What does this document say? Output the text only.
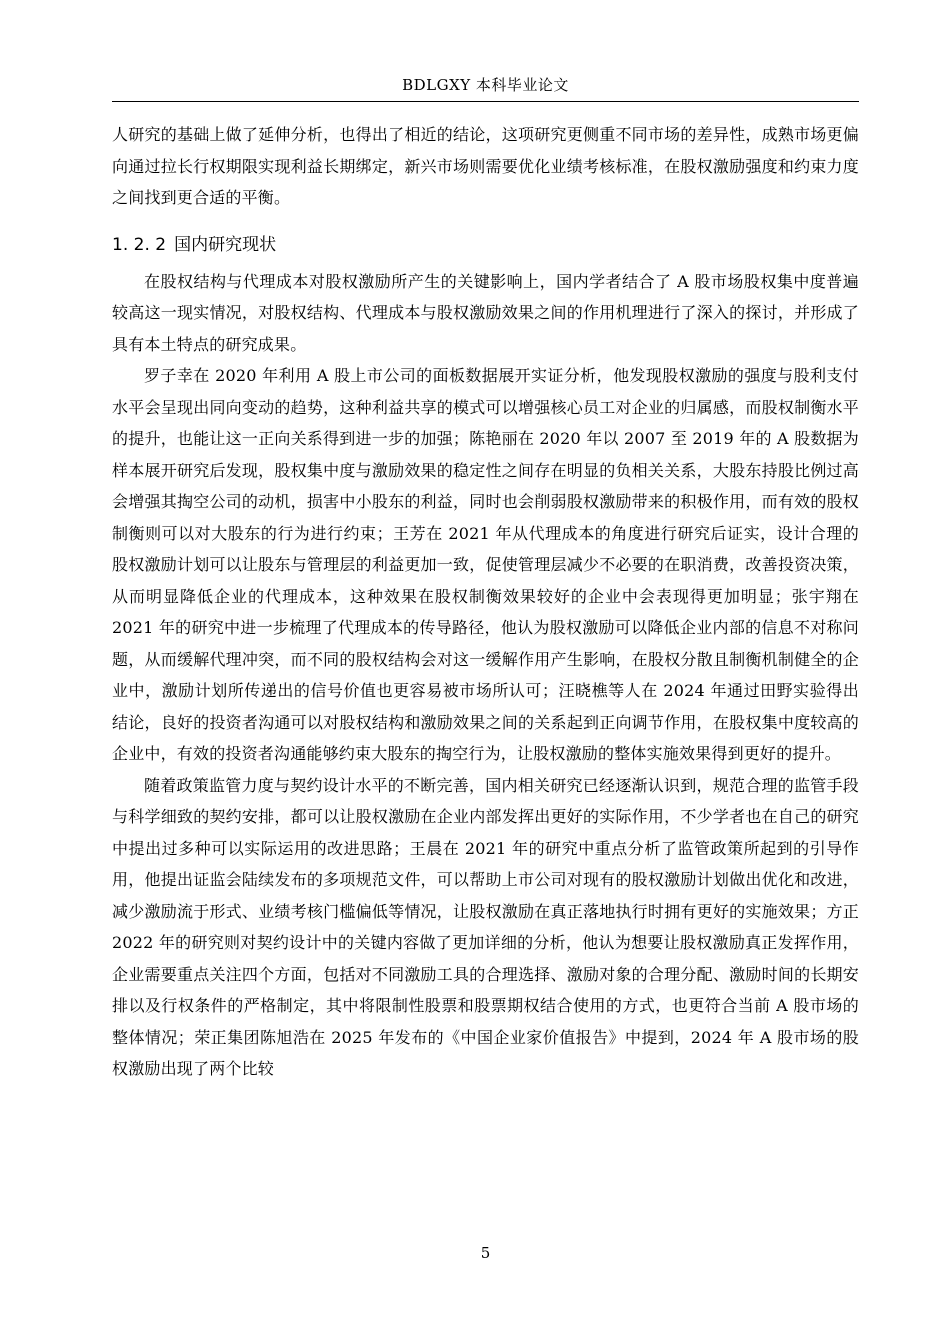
BDLGXY 本科毕业论文

人研究的基础上做了延伸分析，也得出了相近的结论，这项研究更侧重不同市场的差异性，成熟市场更偏向通过拉长行权期限实现利益长期绑定，新兴市场则需要优化业绩考核标准，在股权激励强度和约束力度之间找到更合适的平衡。

1. 2. 2 国内研究现状

在股权结构与代理成本对股权激励所产生的关键影响上，国内学者结合了 A 股市场股权集中度普遍较高这一现实情况，对股权结构、代理成本与股权激励效果之间的作用机理进行了深入的探讨，并形成了具有本土特点的研究成果。

罗子幸在 2020 年利用 A 股上市公司的面板数据展开实证分析，他发现股权激励的强度与股利支付水平会呈现出同向变动的趋势，这种利益共享的模式可以增强核心员工对企业的归属感，而股权制衡水平的提升，也能让这一正向关系得到进一步的加强；陈艳丽在 2020 年以 2007 至 2019 年的 A 股数据为样本展开研究后发现，股权集中度与激励效果的稳定性之间存在明显的负相关关系，大股东持股比例过高会增强其掏空公司的动机，损害中小股东的利益，同时也会削弱股权激励带来的积极作用，而有效的股权制衡则可以对大股东的行为进行约束；王芳在 2021 年从代理成本的角度进行研究后证实，设计合理的股权激励计划可以让股东与管理层的利益更加一致，促使管理层减少不必要的在职消费，改善投资决策，从而明显降低企业的代理成本，这种效果在股权制衡效果较好的企业中会表现得更加明显；张宇翔在 2021 年的研究中进一步梳理了代理成本的传导路径，他认为股权激励可以降低企业内部的信息不对称问题，从而缓解代理冲突，而不同的股权结构会对这一缓解作用产生影响，在股权分散且制衡机制健全的企业中，激励计划所传递出的信号价值也更容易被市场所认可；汪晓樵等人在 2024 年通过田野实验得出结论，良好的投资者沟通可以对股权结构和激励效果之间的关系起到正向调节作用，在股权集中度较高的企业中，有效的投资者沟通能够约束大股东的掏空行为，让股权激励的整体实施效果得到更好的提升。

随着政策监管力度与契约设计水平的不断完善，国内相关研究已经逐渐认识到，规范合理的监管手段与科学细致的契约安排，都可以让股权激励在企业内部发挥出更好的实际作用，不少学者也在自己的研究中提出过多种可以实际运用的改进思路；王晨在 2021 年的研究中重点分析了监管政策所起到的引导作用，他提出证监会陆续发布的多项规范文件，可以帮助上市公司对现有的股权激励计划做出优化和改进，减少激励流于形式、业绩考核门槛偏低等情况，让股权激励在真正落地执行时拥有更好的实施效果；方正 2022 年的研究则对契约设计中的关键内容做了更加详细的分析，他认为想要让股权激励真正发挥作用，企业需要重点关注四个方面，包括对不同激励工具的合理选择、激励对象的合理分配、激励时间的长期安排以及行权条件的严格制定，其中将限制性股票和股票期权结合使用的方式，也更符合当前 A 股市场的整体情况；荣正集团陈旭浩在 2025 年发布的《中国企业家价值报告》中提到，2024 年 A 股市场的股权激励出现了两个比较

5
